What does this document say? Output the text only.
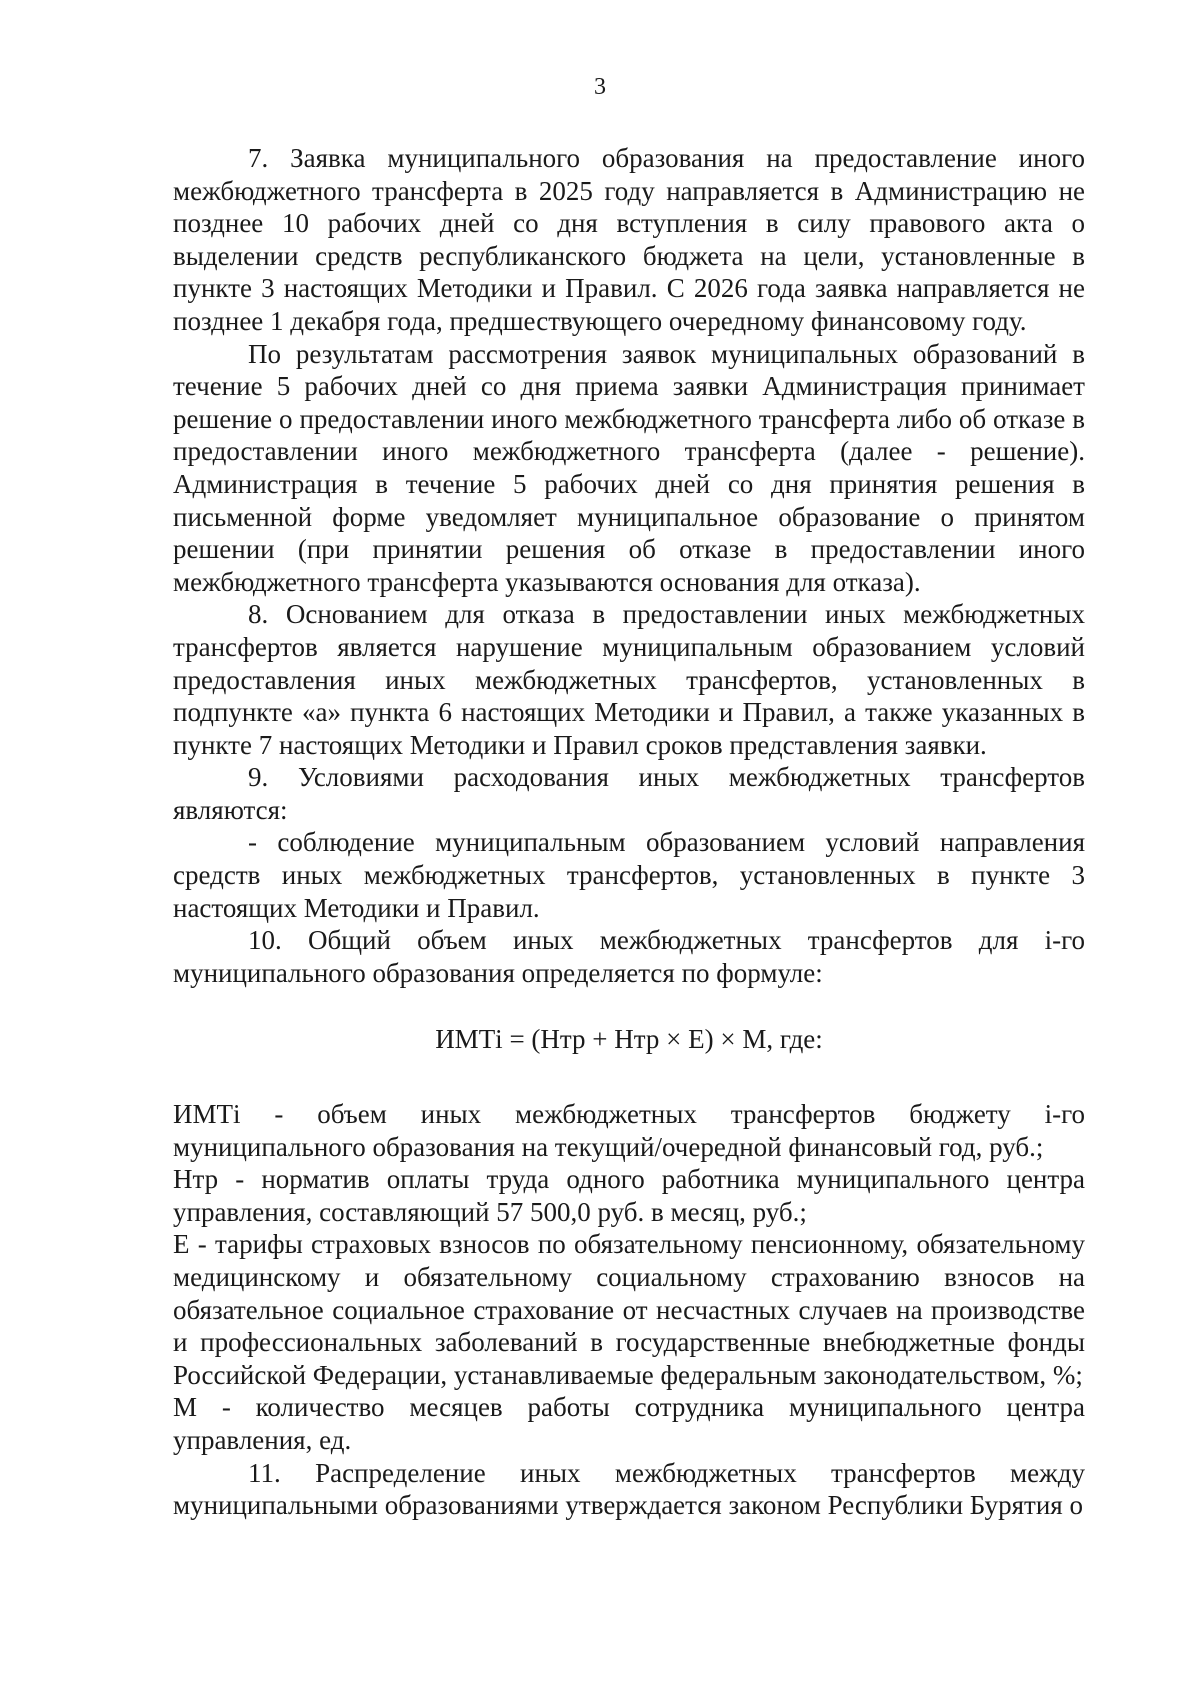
3

7. Заявка муниципального образования на предоставление иного межбюджетного трансферта в 2025 году направляется в Администрацию не позднее 10 рабочих дней со дня вступления в силу правового акта о выделении средств республиканского бюджета на цели, установленные в пункте 3 настоящих Методики и Правил. С 2026 года заявка направляется не позднее 1 декабря года, предшествующего очередному финансовому году.

По результатам рассмотрения заявок муниципальных образований в течение 5 рабочих дней со дня приема заявки Администрация принимает решение о предоставлении иного межбюджетного трансферта либо об отказе в предоставлении иного межбюджетного трансферта (далее - решение). Администрация в течение 5 рабочих дней со дня принятия решения в письменной форме уведомляет муниципальное образование о принятом решении (при принятии решения об отказе в предоставлении иного межбюджетного трансферта указываются основания для отказа).

8. Основанием для отказа в предоставлении иных межбюджетных трансфертов является нарушение муниципальным образованием условий предоставления иных межбюджетных трансфертов, установленных в подпункте «а» пункта 6 настоящих Методики и Правил, а также указанных в пункте 7 настоящих Методики и Правил сроков представления заявки.

9. Условиями расходования иных межбюджетных трансфертов являются:

- соблюдение муниципальным образованием условий направления средств иных межбюджетных трансфертов, установленных в пункте 3 настоящих Методики и Правил.

10. Общий объем иных межбюджетных трансфертов для i-го муниципального образования определяется по формуле:

ИМТi = (Нтр + Нтр × Е) × М, где:

ИМТi - объем иных межбюджетных трансфертов бюджету i-го муниципального образования на текущий/очередной финансовый год, руб.;

Нтр - норматив оплаты труда одного работника муниципального центра управления, составляющий 57 500,0 руб. в месяц, руб.;

Е - тарифы страховых взносов по обязательному пенсионному, обязательному медицинскому и обязательному социальному страхованию взносов на обязательное социальное страхование от несчастных случаев на производстве и профессиональных заболеваний в государственные внебюджетные фонды Российской Федерации, устанавливаемые федеральным законодательством, %;

М - количество месяцев работы сотрудника муниципального центра управления, ед.

11. Распределение иных межбюджетных трансфертов между муниципальными образованиями утверждается законом Республики Бурятия о
